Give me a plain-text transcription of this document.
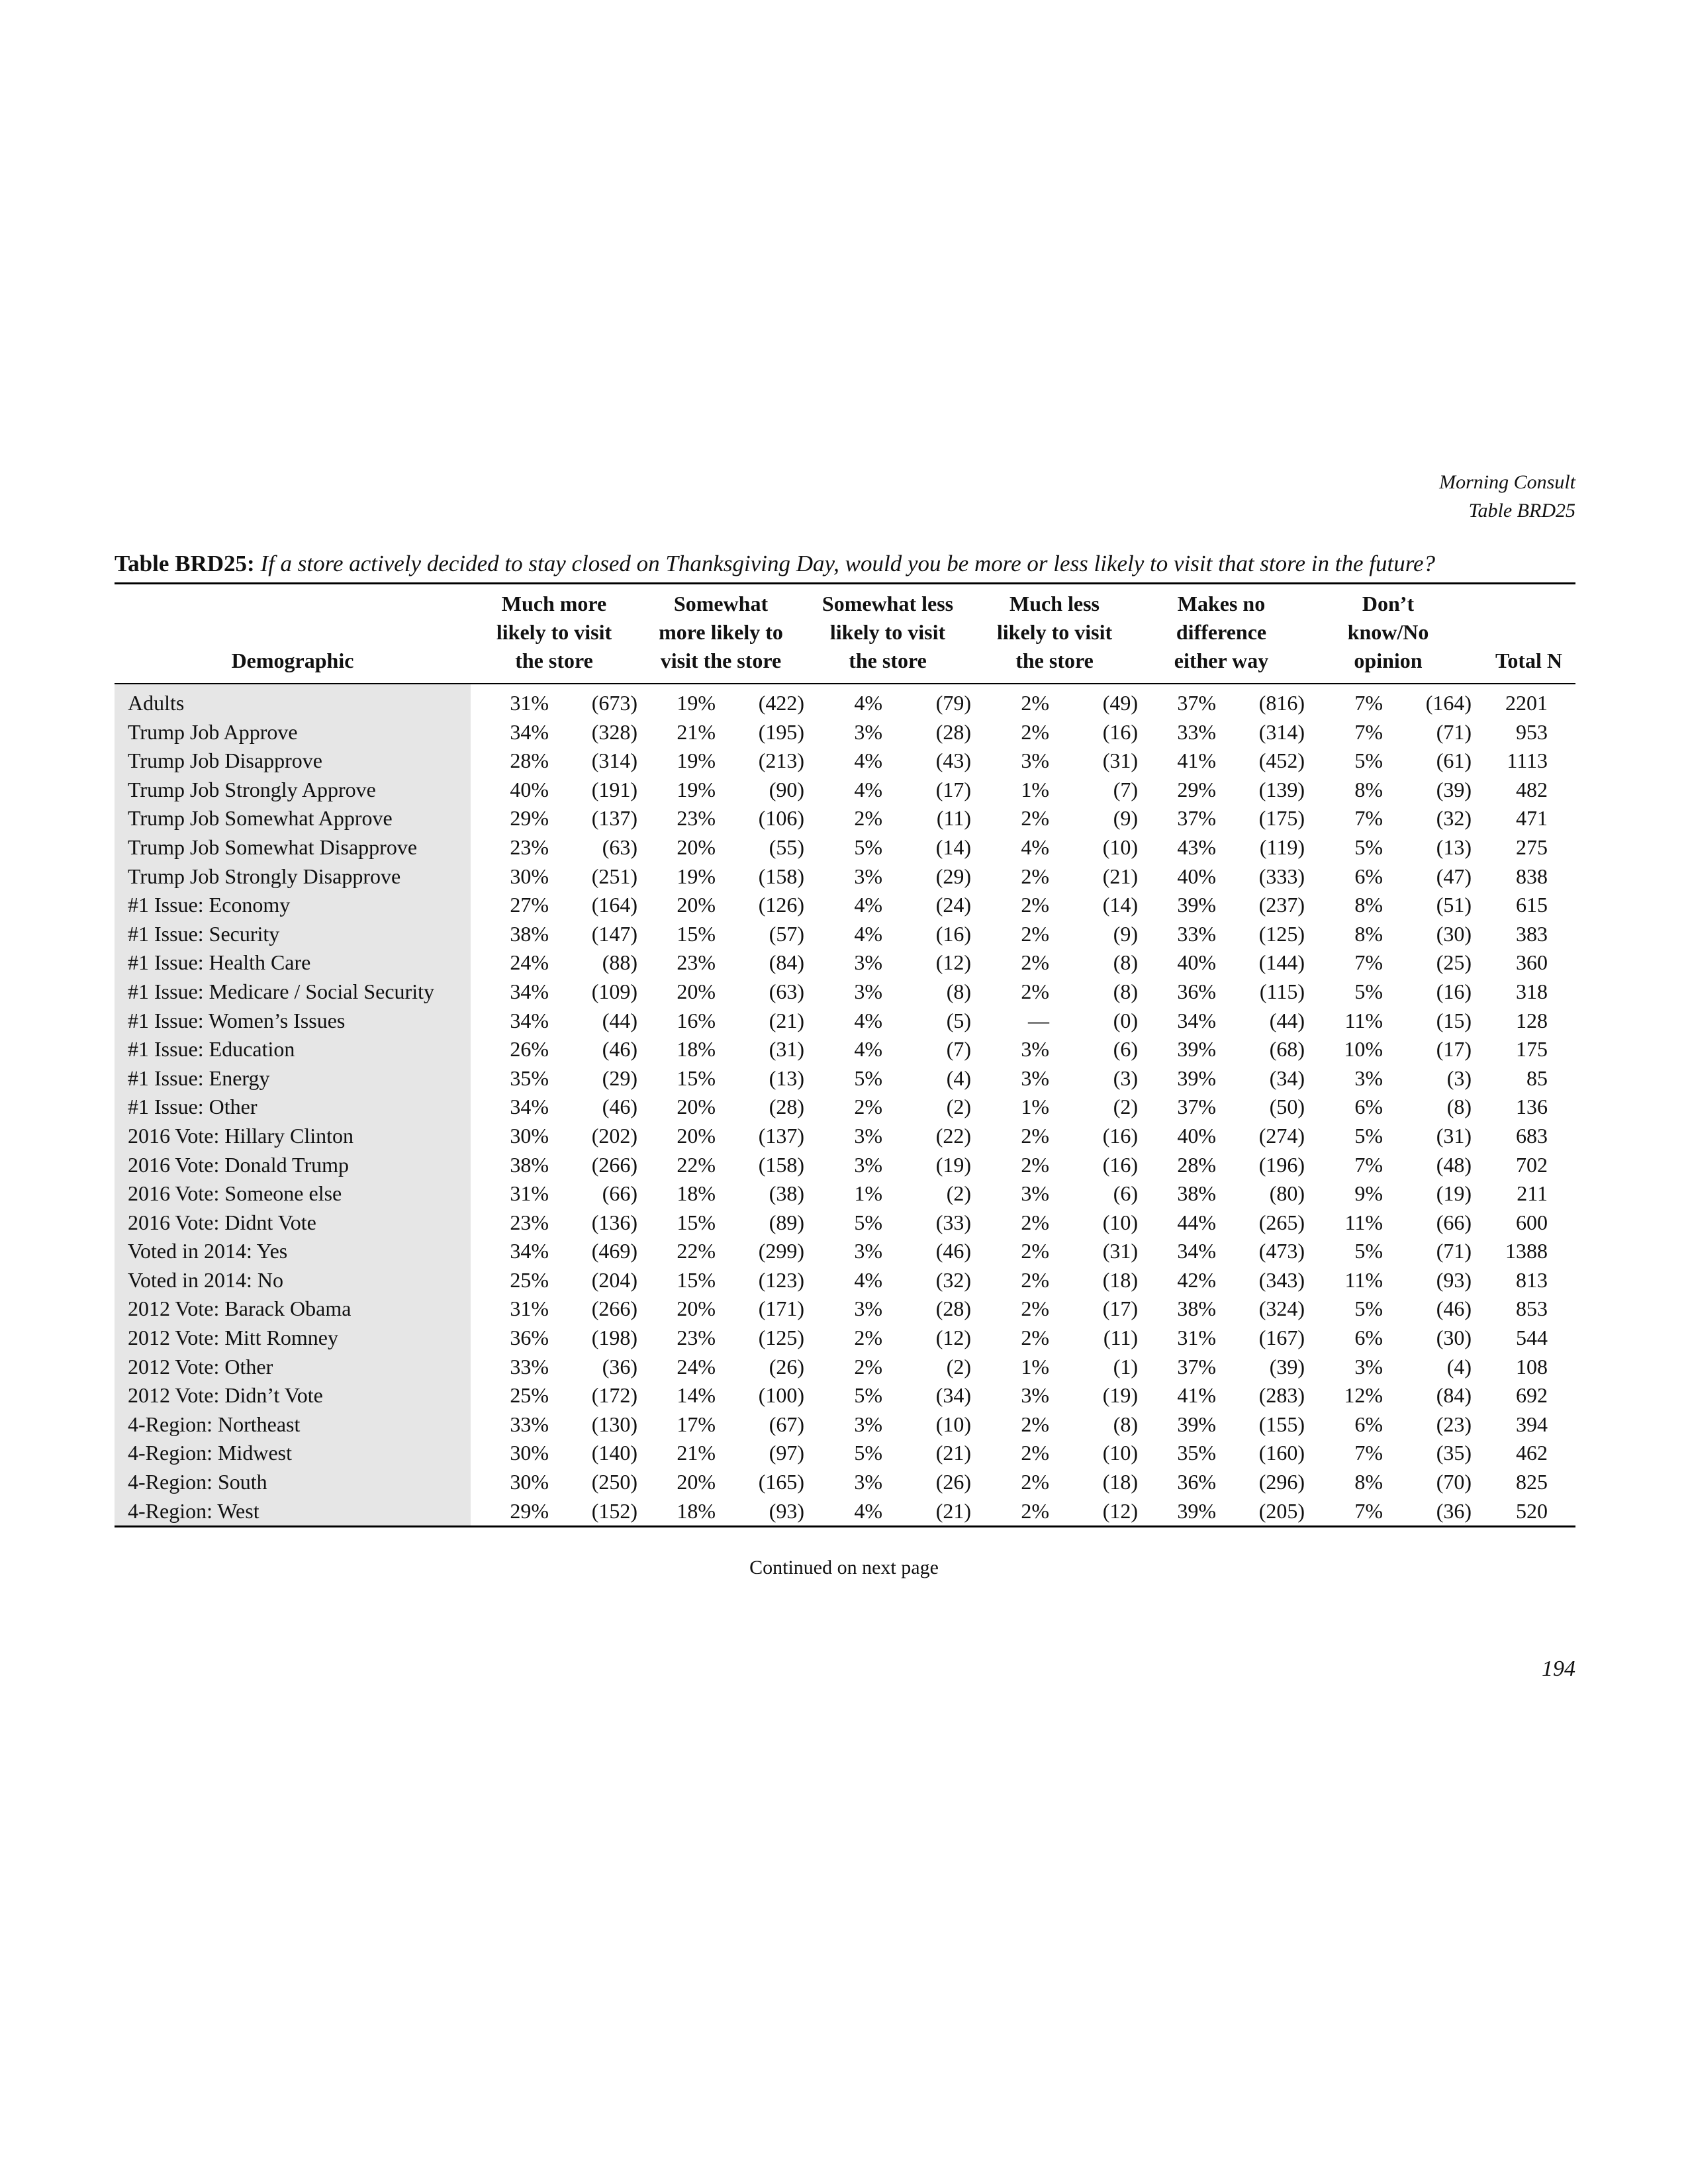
Morning Consult
Table BRD25
Table BRD25: If a store actively decided to stay closed on Thanksgiving Day, would you be more or less likely to visit that store in the future?
Demographic	Much more likely to visit the store		Somewhat more likely to visit the store		Somewhat less likely to visit the store		Much less likely to visit the store		Makes no difference either way		Don’t know/No opinion		Total N
Adults	31%	(673)	19%	(422)	4%	(79)	2%	(49)	37%	(816)	7%	(164)	2201
Trump Job Approve	34%	(328)	21%	(195)	3%	(28)	2%	(16)	33%	(314)	7%	(71)	953
Trump Job Disapprove	28%	(314)	19%	(213)	4%	(43)	3%	(31)	41%	(452)	5%	(61)	1113
Trump Job Strongly Approve	40%	(191)	19%	(90)	4%	(17)	1%	(7)	29%	(139)	8%	(39)	482
Trump Job Somewhat Approve	29%	(137)	23%	(106)	2%	(11)	2%	(9)	37%	(175)	7%	(32)	471
Trump Job Somewhat Disapprove	23%	(63)	20%	(55)	5%	(14)	4%	(10)	43%	(119)	5%	(13)	275
Trump Job Strongly Disapprove	30%	(251)	19%	(158)	3%	(29)	2%	(21)	40%	(333)	6%	(47)	838
#1 Issue: Economy	27%	(164)	20%	(126)	4%	(24)	2%	(14)	39%	(237)	8%	(51)	615
#1 Issue: Security	38%	(147)	15%	(57)	4%	(16)	2%	(9)	33%	(125)	8%	(30)	383
#1 Issue: Health Care	24%	(88)	23%	(84)	3%	(12)	2%	(8)	40%	(144)	7%	(25)	360
#1 Issue: Medicare / Social Security	34%	(109)	20%	(63)	3%	(8)	2%	(8)	36%	(115)	5%	(16)	318
#1 Issue: Women’s Issues	34%	(44)	16%	(21)	4%	(5)	—	(0)	34%	(44)	11%	(15)	128
#1 Issue: Education	26%	(46)	18%	(31)	4%	(7)	3%	(6)	39%	(68)	10%	(17)	175
#1 Issue: Energy	35%	(29)	15%	(13)	5%	(4)	3%	(3)	39%	(34)	3%	(3)	85
#1 Issue: Other	34%	(46)	20%	(28)	2%	(2)	1%	(2)	37%	(50)	6%	(8)	136
2016 Vote: Hillary Clinton	30%	(202)	20%	(137)	3%	(22)	2%	(16)	40%	(274)	5%	(31)	683
2016 Vote: Donald Trump	38%	(266)	22%	(158)	3%	(19)	2%	(16)	28%	(196)	7%	(48)	702
2016 Vote: Someone else	31%	(66)	18%	(38)	1%	(2)	3%	(6)	38%	(80)	9%	(19)	211
2016 Vote: Didnt Vote	23%	(136)	15%	(89)	5%	(33)	2%	(10)	44%	(265)	11%	(66)	600
Voted in 2014: Yes	34%	(469)	22%	(299)	3%	(46)	2%	(31)	34%	(473)	5%	(71)	1388
Voted in 2014: No	25%	(204)	15%	(123)	4%	(32)	2%	(18)	42%	(343)	11%	(93)	813
2012 Vote: Barack Obama	31%	(266)	20%	(171)	3%	(28)	2%	(17)	38%	(324)	5%	(46)	853
2012 Vote: Mitt Romney	36%	(198)	23%	(125)	2%	(12)	2%	(11)	31%	(167)	6%	(30)	544
2012 Vote: Other	33%	(36)	24%	(26)	2%	(2)	1%	(1)	37%	(39)	3%	(4)	108
2012 Vote: Didn’t Vote	25%	(172)	14%	(100)	5%	(34)	3%	(19)	41%	(283)	12%	(84)	692
4-Region: Northeast	33%	(130)	17%	(67)	3%	(10)	2%	(8)	39%	(155)	6%	(23)	394
4-Region: Midwest	30%	(140)	21%	(97)	5%	(21)	2%	(10)	35%	(160)	7%	(35)	462
4-Region: South	30%	(250)	20%	(165)	3%	(26)	2%	(18)	36%	(296)	8%	(70)	825
4-Region: West	29%	(152)	18%	(93)	4%	(21)	2%	(12)	39%	(205)	7%	(36)	520
Continued on next page
194
